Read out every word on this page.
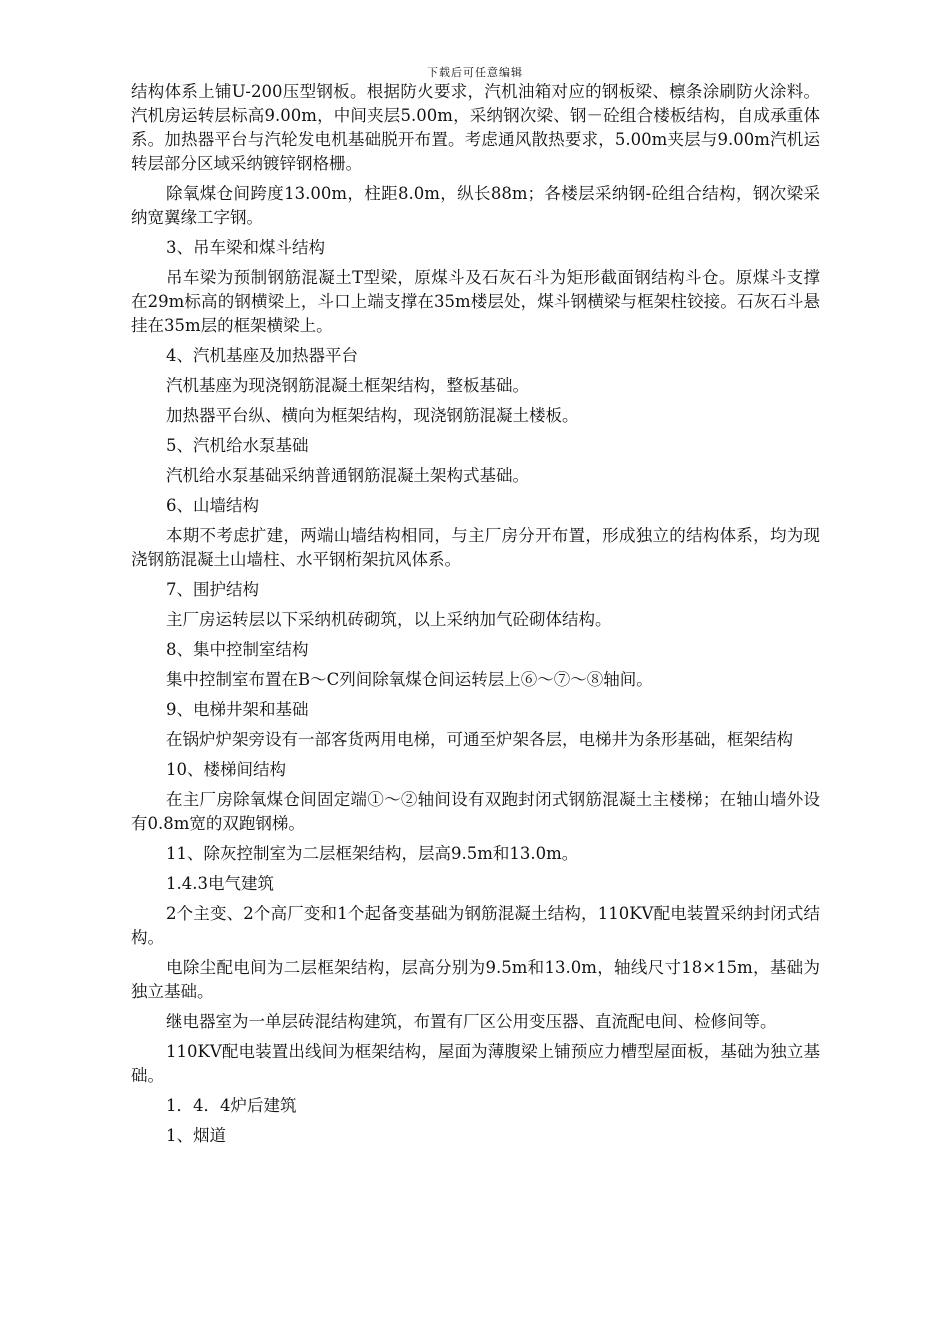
下载后可任意编辑

结构体系上铺U-200压型钢板。根据防火要求，汽机油箱对应的钢板梁、檩条涂刷防火涂料。汽机房运转层标高9.00m，中间夹层5.00m，采纳钢次梁、钢－砼组合楼板结构，自成承重体系。加热器平台与汽轮发电机基础脱开布置。考虑通风散热要求，5.00m夹层与9.00m汽机运转层部分区域采纳镀锌钢格栅。

除氧煤仓间跨度13.00m，柱距8.0m，纵长88m；各楼层采纳钢-砼组合结构，钢次梁采纳宽翼缘工字钢。

3、吊车梁和煤斗结构

吊车梁为预制钢筋混凝土T型梁，原煤斗及石灰石斗为矩形截面钢结构斗仓。原煤斗支撑在29m标高的钢横梁上，斗口上端支撑在35m楼层处，煤斗钢横梁与框架柱铰接。石灰石斗悬挂在35m层的框架横梁上。

4、汽机基座及加热器平台

汽机基座为现浇钢筋混凝土框架结构，整板基础。

加热器平台纵、横向为框架结构，现浇钢筋混凝土楼板。

5、汽机给水泵基础

汽机给水泵基础采纳普通钢筋混凝土架构式基础。

6、山墙结构

本期不考虑扩建，两端山墙结构相同，与主厂房分开布置，形成独立的结构体系，均为现浇钢筋混凝土山墙柱、水平钢桁架抗风体系。

7、围护结构

主厂房运转层以下采纳机砖砌筑，以上采纳加气砼砌体结构。

8、集中控制室结构

集中控制室布置在B～C列间除氧煤仓间运转层上⑥～⑦～⑧轴间。

9、电梯井架和基础

在锅炉炉架旁设有一部客货两用电梯，可通至炉架各层，电梯井为条形基础，框架结构

10、楼梯间结构

在主厂房除氧煤仓间固定端①～②轴间设有双跑封闭式钢筋混凝土主楼梯；在轴山墙外设有0.8m宽的双跑钢梯。

11、除灰控制室为二层框架结构，层高9.5m和13.0m。

1.4.3电气建筑

2个主变、2个高厂变和1个起备变基础为钢筋混凝土结构，110KV配电装置采纳封闭式结构。

电除尘配电间为二层框架结构，层高分别为9.5m和13.0m，轴线尺寸18×15m，基础为独立基础。

继电器室为一单层砖混结构建筑，布置有厂区公用变压器、直流配电间、检修间等。

110KV配电装置出线间为框架结构，屋面为薄腹梁上铺预应力槽型屋面板，基础为独立基础。

1．4．4炉后建筑

1、烟道
